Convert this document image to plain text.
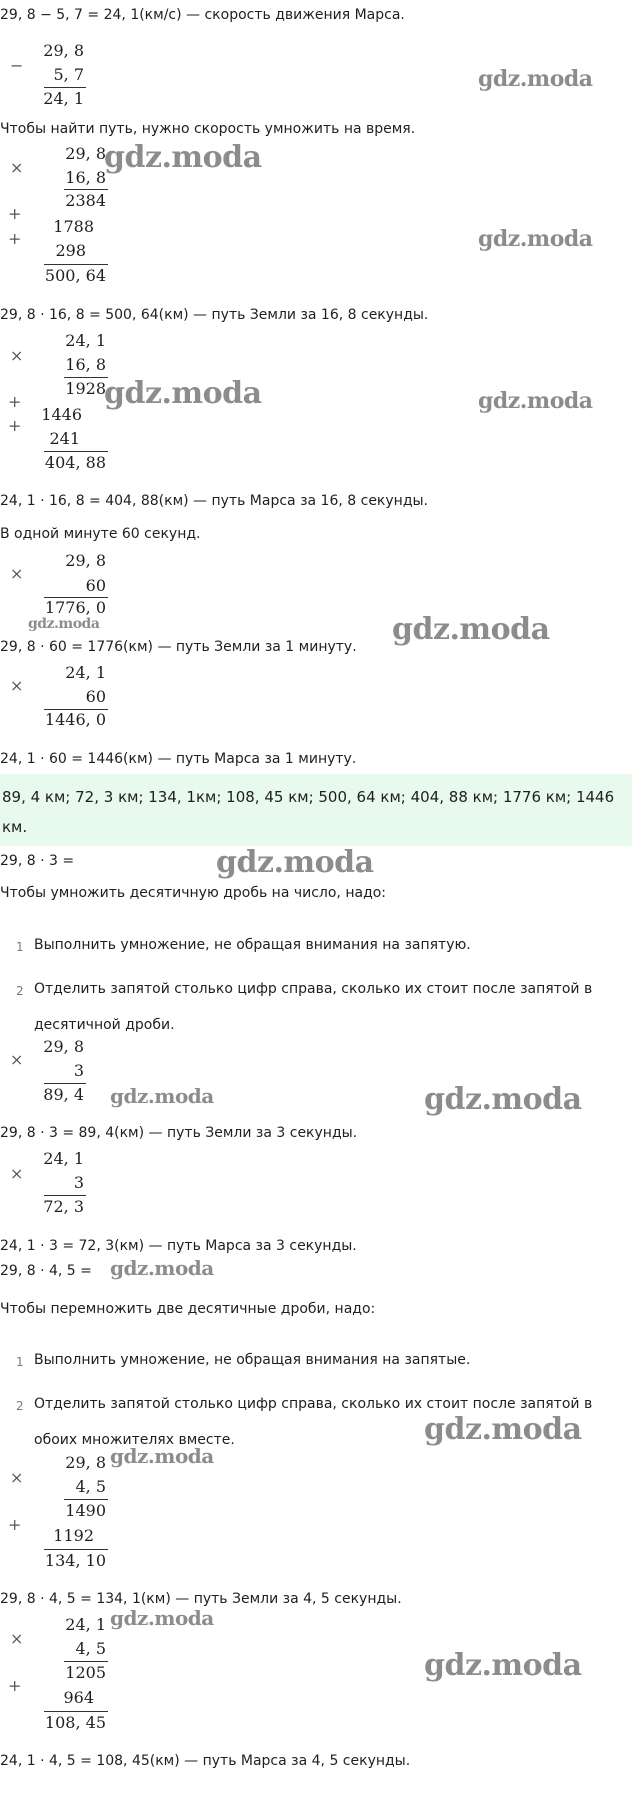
29, 8 − 5, 7 = 24, 1(км/с) — скорость движения Марса.
−
29, 8
5, 7
24, 1
Чтобы найти путь, нужно скорость умножить на время.
×
29, 8
16, 8
2384
+
1788
+
298
500, 64
29, 8 · 16, 8 = 500, 64(км) — путь Земли за 16, 8 секунды.
×
24, 1
16, 8
1928
+
1446
+
241
404, 88
24, 1 · 16, 8 = 404, 88(км) — путь Марса за 16, 8 секунды.
В одной минуте 60 секунд.
×
29, 8
60
1776, 0
29, 8 · 60 = 1776(км) — путь Земли за 1 минуту.
×
24, 1
60
1446, 0
24, 1 · 60 = 1446(км) — путь Марса за 1 минуту.
89, 4 км; 72, 3 км; 134, 1км; 108, 45 км; 500, 64 км; 404, 88 км; 1776 км; 1446 км.
29, 8 · 3 =
Чтобы умножить десятичную дробь на число, надо:
1 Выполнить умножение, не обращая внимания на запятую.
2 Отделить запятой столько цифр справа, сколько их стоит после запятой в десятичной дроби.
×
29, 8
3
89, 4
29, 8 · 3 = 89, 4(км) — путь Земли за 3 секунды.
×
24, 1
3
72, 3
24, 1 · 3 = 72, 3(км) — путь Марса за 3 секунды.
29, 8 · 4, 5 =
Чтобы перемножить две десятичные дроби, надо:
1 Выполнить умножение, не обращая внимания на запятые.
2 Отделить запятой столько цифр справа, сколько их стоит после запятой в обоих множителях вместе.
×
29, 8
4, 5
1490
+
1192
134, 10
29, 8 · 4, 5 = 134, 1(км) — путь Земли за 4, 5 секунды.
×
24, 1
4, 5
1205
+
964
108, 45
24, 1 · 4, 5 = 108, 45(км) — путь Марса за 4, 5 секунды.
gdz.moda
gdz.moda
gdz.moda
gdz.moda	gdz.moda
gdz.moda	gdz.moda
gdz.moda
gdz.moda	gdz.moda
gdz.moda
gdz.moda
gdz.moda
gdz.moda
gdz.moda
